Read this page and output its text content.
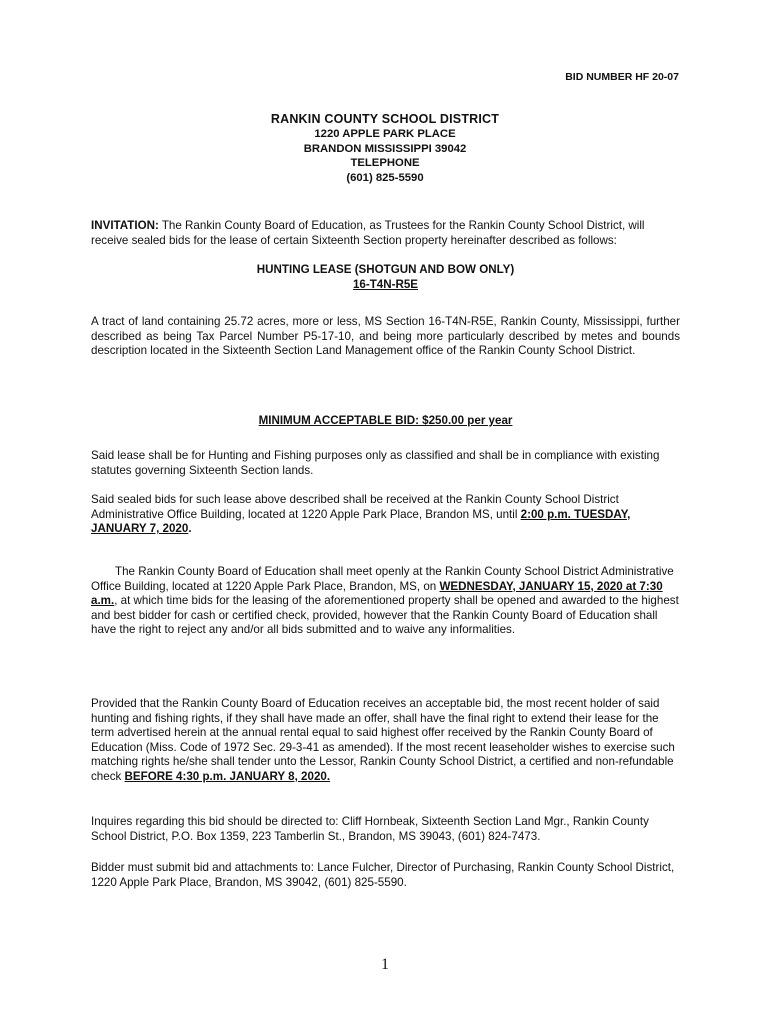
BID NUMBER HF 20-07
RANKIN COUNTY SCHOOL DISTRICT
1220 APPLE PARK PLACE
BRANDON MISSISSIPPI 39042
TELEPHONE
(601) 825-5590

INVITATION: The Rankin County Board of Education, as Trustees for the Rankin County School District, will receive sealed bids for the lease of certain Sixteenth Section property hereinafter described as follows:

HUNTING LEASE (SHOTGUN AND BOW ONLY)
16-T4N-R5E

A tract of land containing 25.72 acres, more or less, MS Section 16-T4N-R5E, Rankin County, Mississippi, further described as being Tax Parcel Number P5-17-10, and being more particularly described by metes and bounds description located in the Sixteenth Section Land Management office of the Rankin County School District.

MINIMUM ACCEPTABLE BID: $250.00 per year

Said lease shall be for Hunting and Fishing purposes only as classified and shall be in compliance with existing statutes governing Sixteenth Section lands.

Said sealed bids for such lease above described shall be received at the Rankin County School District Administrative Office Building, located at 1220 Apple Park Place, Brandon MS, until 2:00 p.m. TUESDAY, JANUARY 7, 2020.

The Rankin County Board of Education shall meet openly at the Rankin County School District Administrative Office Building, located at 1220 Apple Park Place, Brandon, MS, on WEDNESDAY, JANUARY 15, 2020 at 7:30 a.m., at which time bids for the leasing of the aforementioned property shall be opened and awarded to the highest and best bidder for cash or certified check, provided, however that the Rankin County Board of Education shall have the right to reject any and/or all bids submitted and to waive any informalities.

Provided that the Rankin County Board of Education receives an acceptable bid, the most recent holder of said hunting and fishing rights, if they shall have made an offer, shall have the final right to extend their lease for the term advertised herein at the annual rental equal to said highest offer received by the Rankin County Board of Education (Miss. Code of 1972 Sec. 29-3-41 as amended). If the most recent leaseholder wishes to exercise such matching rights he/she shall tender unto the Lessor, Rankin County School District, a certified and non-refundable check BEFORE 4:30 p.m. JANUARY 8, 2020.

Inquires regarding this bid should be directed to: Cliff Hornbeak, Sixteenth Section Land Mgr., Rankin County School District, P.O. Box 1359, 223 Tamberlin St., Brandon, MS 39043, (601) 824-7473.

Bidder must submit bid and attachments to: Lance Fulcher, Director of Purchasing, Rankin County School District, 1220 Apple Park Place, Brandon, MS 39042, (601) 825-5590.

1
